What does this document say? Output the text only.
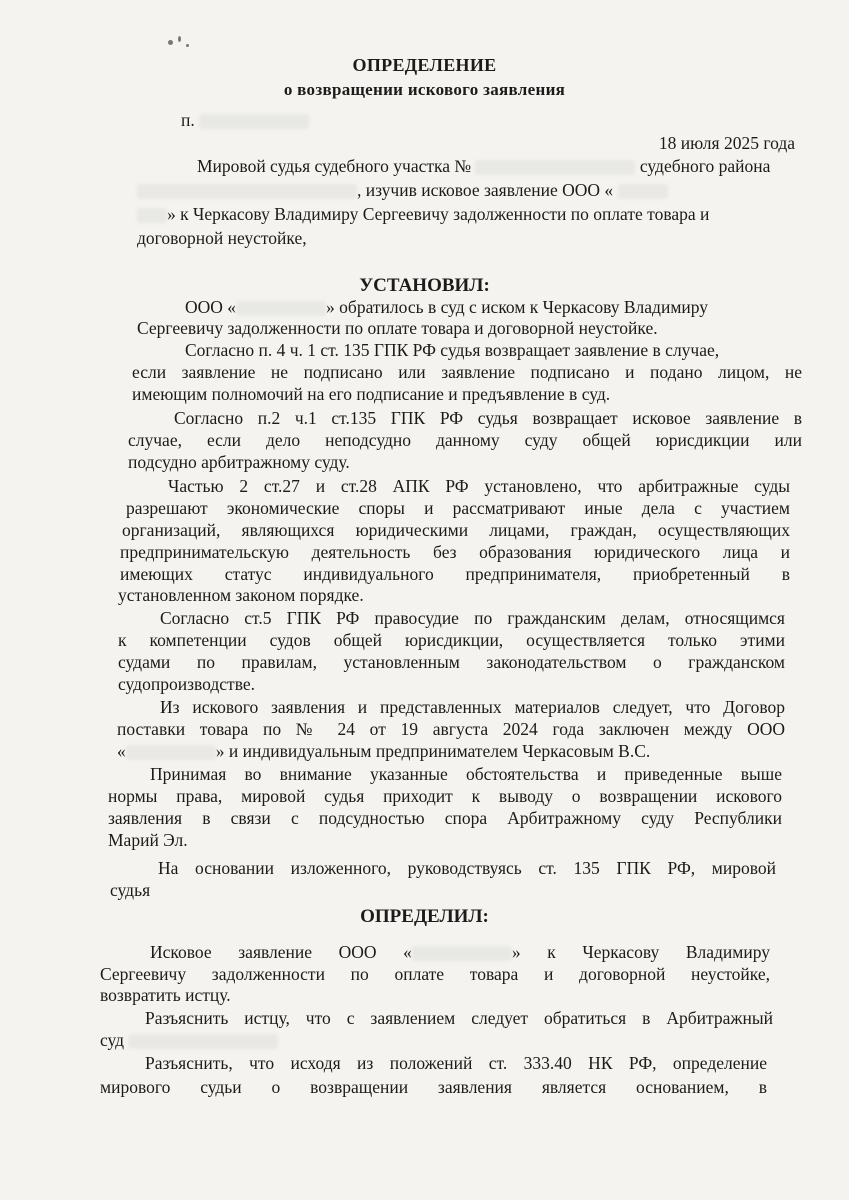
ОПРЕДЕЛЕНИЕ
о возвращении искового заявления
п.
18 июля 2025 года
Мировой судья судебного участка №	судебного района
, изучив исковое заявление ООО «
» к Черкасову Владимиру Сергеевичу задолженности по оплате товара и
договорной неустойке,
УСТАНОВИЛ:
ООО «	» обратилось в суд с иском к Черкасову Владимиру
Сергеевичу задолженности по оплате товара и договорной неустойке.
Согласно п. 4 ч. 1 ст. 135 ГПК РФ судья возвращает заявление в случае,
если заявление не подписано или заявление подписано и подано лицом, не
имеющим полномочий на его подписание и предъявление в суд.
Согласно п.2 ч.1 ст.135 ГПК РФ судья возвращает исковое заявление в
случае, если дело неподсудно данному суду общей юрисдикции или
подсудно арбитражному суду.
Частью 2 ст.27 и ст.28 АПК РФ установлено, что арбитражные суды
разрешают экономические споры и рассматривают иные дела с участием
организаций, являющихся юридическими лицами, граждан, осуществляющих
предпринимательскую деятельность без образования юридического лица и
имеющих статус индивидуального предпринимателя, приобретенный в
установленном законом порядке.
Согласно ст.5 ГПК РФ правосудие по гражданским делам, относящимся
к компетенции судов общей юрисдикции, осуществляется только этими
судами по правилам, установленным законодательством о гражданском
судопроизводстве.
Из искового заявления и представленных материалов следует, что Договор
поставки товара по № 24 от 19 августа 2024 года заключен между ООО
«	» и индивидуальным предпринимателем Черкасовым В.С.
Принимая во внимание указанные обстоятельства и приведенные выше
нормы права, мировой судья приходит к выводу о возвращении искового
заявления в связи с подсудностью спора Арбитражному суду Республики
Марий Эл.
На основании изложенного, руководствуясь ст. 135 ГПК РФ, мировой
судья
ОПРЕДЕЛИЛ:
Исковое заявление ООО «	» к Черкасову Владимиру
Сергеевичу задолженности по оплате товара и договорной неустойке,
возвратить истцу.
Разъяснить истцу, что с заявлением следует обратиться в Арбитражный
суд
Разъяснить, что исходя из положений ст. 333.40 НК РФ, определение
мирового судьи о возвращении заявления является основанием, в
